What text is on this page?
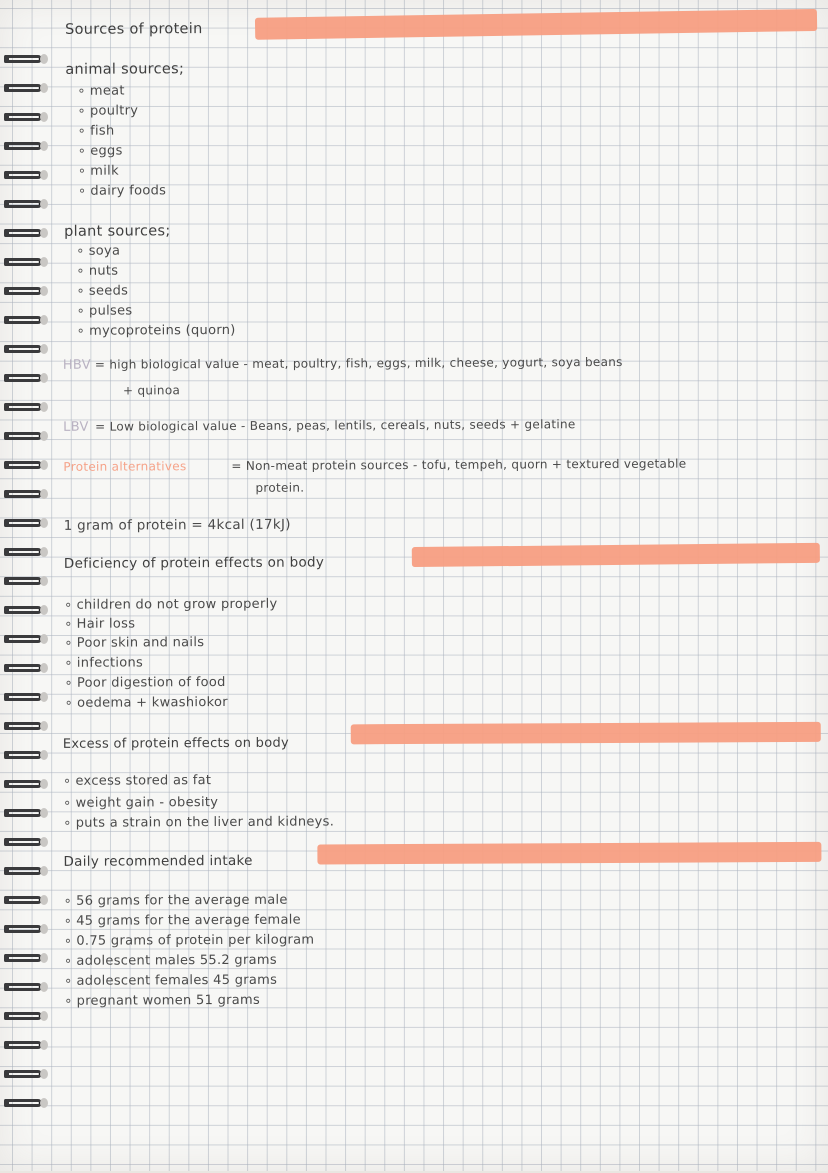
Sources of protein
animal sources;
∘ meat
∘ poultry
∘ fish
∘ eggs
∘ milk
∘ dairy foods
plant sources;
∘ soya
∘ nuts
∘ seeds
∘ pulses
∘ mycoproteins (quorn)
HBV = high biological value - meat, poultry, fish, eggs, milk, cheese, yogurt, soya beans
+ quinoa
LBV = Low biological value - Beans, peas, lentils, cereals, nuts, seeds + gelatine
Protein alternatives	= Non-meat protein sources - tofu, tempeh, quorn + textured vegetable
protein.
1 gram of protein = 4kcal (17kJ)
Deficiency of protein effects on body
∘ children do not grow properly
∘ Hair loss
∘ Poor skin and nails
∘ infections
∘ Poor digestion of food
∘ oedema + kwashiokor
Excess of protein effects on body
∘ excess stored as fat
∘ weight gain - obesity
∘ puts a strain on the liver and kidneys.
Daily recommended intake
∘ 56 grams for the average male
∘ 45 grams for the average female
∘ 0.75 grams of protein per kilogram
∘ adolescent males 55.2 grams
∘ adolescent females 45 grams
∘ pregnant women 51 grams
